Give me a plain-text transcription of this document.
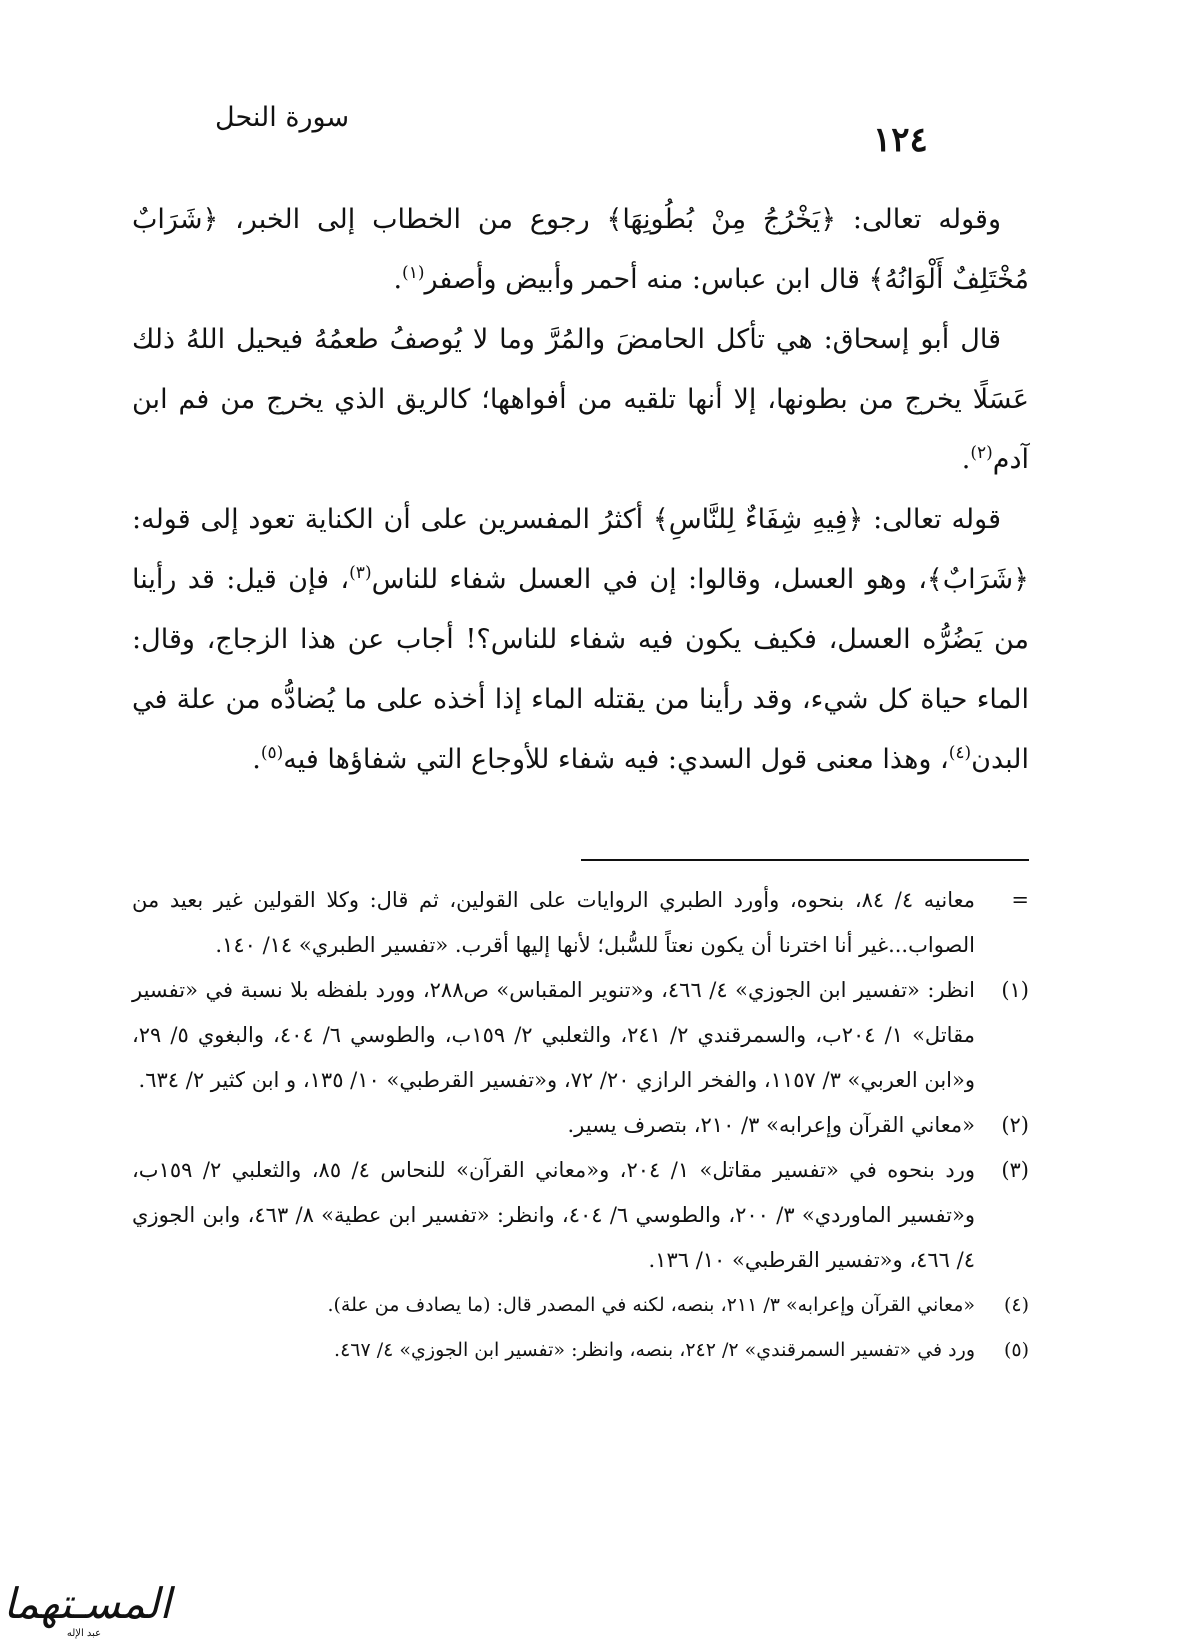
سورة النحل
١٢٤

وقوله تعالى: ﴿يَخْرُجُ مِنْ بُطُونِهَا﴾ رجوع من الخطاب إلى الخبر، ﴿شَرَابٌ مُخْتَلِفٌ أَلْوَانُهُ﴾ قال ابن عباس: منه أحمر وأبيض وأصفر$^{(١)}$.

قال أبو إسحاق: هي تأكل الحامضَ والمُرَّ وما لا يُوصفُ طعمُهُ فيحيل اللهُ ذلك عَسَلًا يخرج من بطونها، إلا أنها تلقيه من أفواهها؛ كالريق الذي يخرج من فم ابن آدم$^{(٢)}$.

قوله تعالى: ﴿فِيهِ شِفَاءٌ لِلنَّاسِ﴾ أكثرُ المفسرين على أن الكناية تعود إلى قوله: ﴿شَرَابٌ﴾، وهو العسل، وقالوا: إن في العسل شفاء للناس$^{(٣)}$، فإن قيل: قد رأينا من يَضُرُّه العسل، فكيف يكون فيه شفاء للناس؟! أجاب عن هذا الزجاج، وقال: الماء حياة كل شيء، وقد رأينا من يقتله الماء إذا أخذه على ما يُضادُّه من علة في البدن$^{(٤)}$، وهذا معنى قول السدي: فيه شفاء للأوجاع التي شفاؤها فيه$^{(٥)}$.

=
معانيه ٤/ ٨٤، بنحوه، وأورد الطبري الروايات على القولين، ثم قال: وكلا القولين غير بعيد من الصواب...غير أنا اخترنا أن يكون نعتاً للسُّبل؛ لأنها إليها أقرب. «تفسير الطبري» ١٤/ ١٤٠.
(١)
انظر: «تفسير ابن الجوزي» ٤/ ٤٦٦، و«تنوير المقباس» ص٢٨٨، وورد بلفظه بلا نسبة في «تفسير مقاتل» ١/ ٢٠٤ب، والسمرقندي ٢/ ٢٤١، والثعلبي ٢/ ١٥٩ب، والطوسي ٦/ ٤٠٤، والبغوي ٥/ ٢٩، و«ابن العربي» ٣/ ١١٥٧، والفخر الرازي ٢٠/ ٧٢، و«تفسير القرطبي» ١٠/ ١٣٥، و ابن كثير ٢/ ٦٣٤.
(٢)
«معاني القرآن وإعرابه» ٣/ ٢١٠، بتصرف يسير.
(٣)
ورد بنحوه في «تفسير مقاتل» ١/ ٢٠٤، و«معاني القرآن» للنحاس ٤/ ٨٥، والثعلبي ٢/ ١٥٩ب، و«تفسير الماوردي» ٣/ ٢٠٠، والطوسي ٦/ ٤٠٤، وانظر: «تفسير ابن عطية» ٨/ ٤٦٣، وابن الجوزي ٤/ ٤٦٦، و«تفسير القرطبي» ١٠/ ١٣٦.
(٤)
«معاني القرآن وإعرابه» ٣/ ٢١١، بنصه، لكنه في المصدر قال: (ما يصادف من علة).
(٥)
ورد في «تفسير السمرقندي» ٢/ ٢٤٢، بنصه، وانظر: «تفسير ابن الجوزي» ٤/ ٤٦٧.
المسـتهما
عبد الإله
